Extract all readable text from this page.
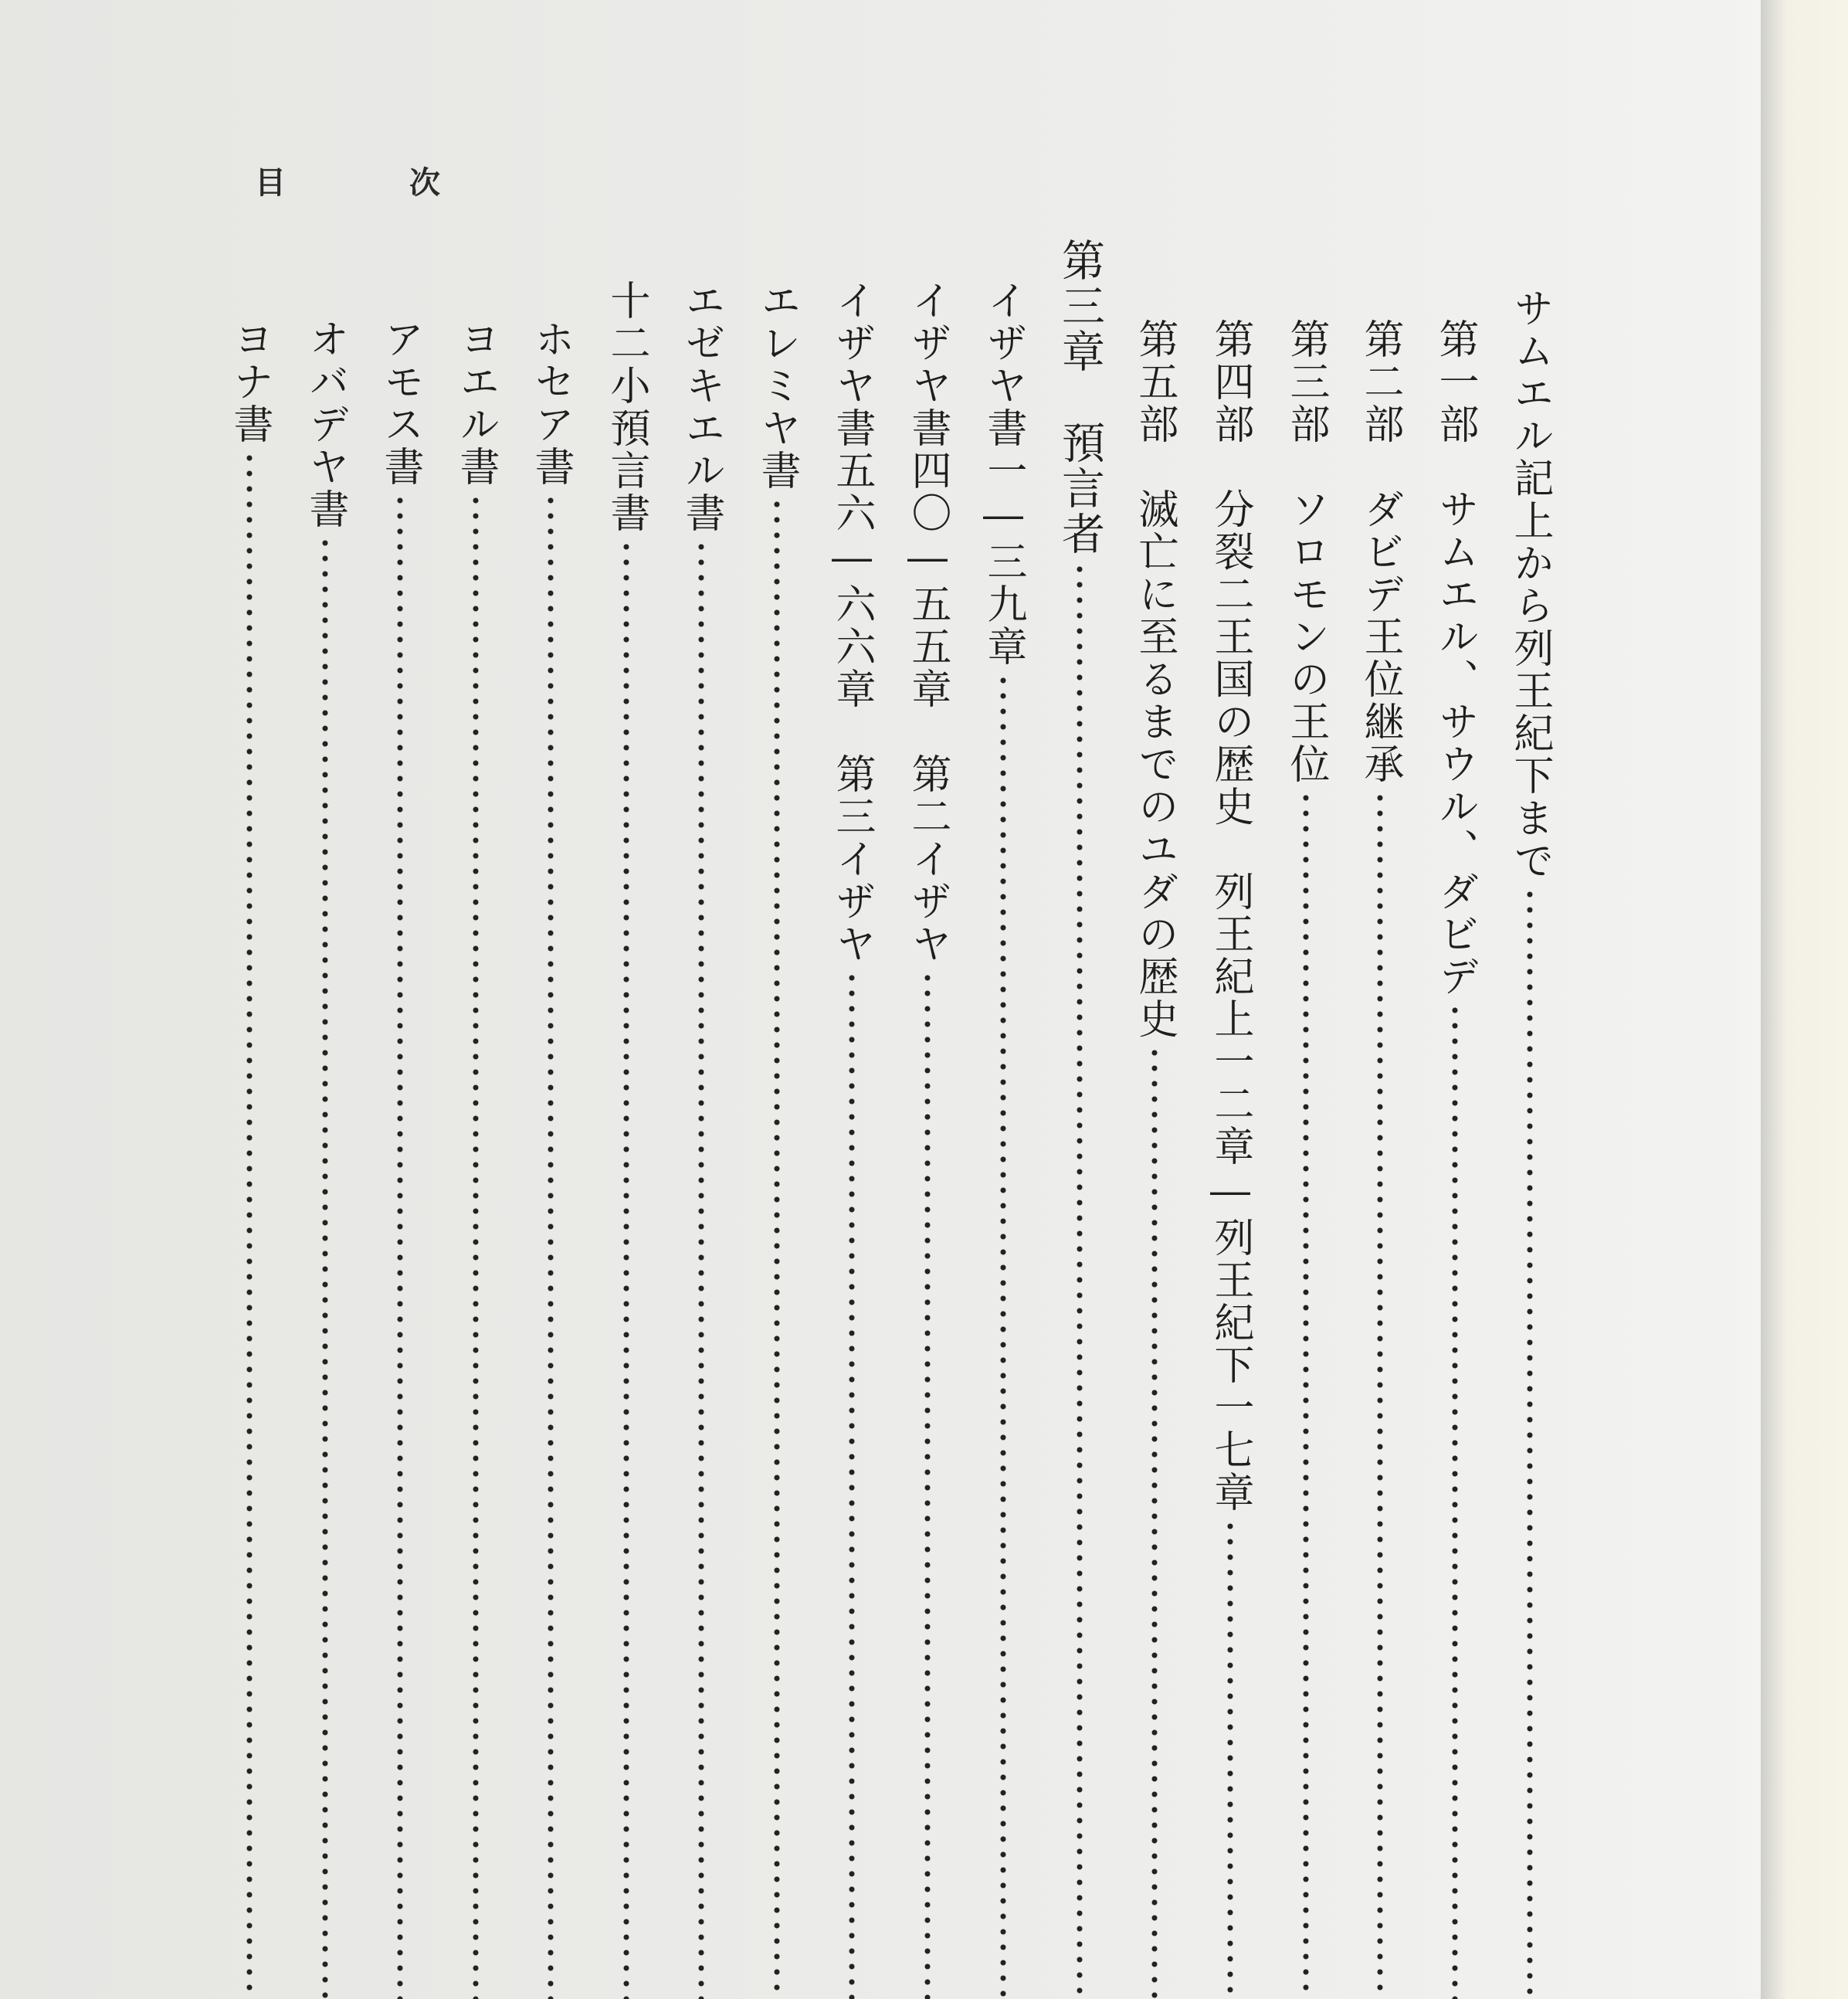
目　次
サムエル記上から列王紀下まで
第一部　サムエル、サウル、ダビデ
第二部　ダビデ王位継承
第三部　ソロモンの王位
第四部　分裂二王国の歴史　列王紀上一二章―列王紀下一七章
第五部　滅亡に至るまでのユダの歴史
第三章　預言者
イザヤ書一―三九章
イザヤ書四〇―五五章　第二イザヤ
イザヤ書五六―六六章　第三イザヤ
エレミヤ書
エゼキエル書
十二小預言書
ホセア書
ヨエル書
アモス書
オバデヤ書
ヨナ書
